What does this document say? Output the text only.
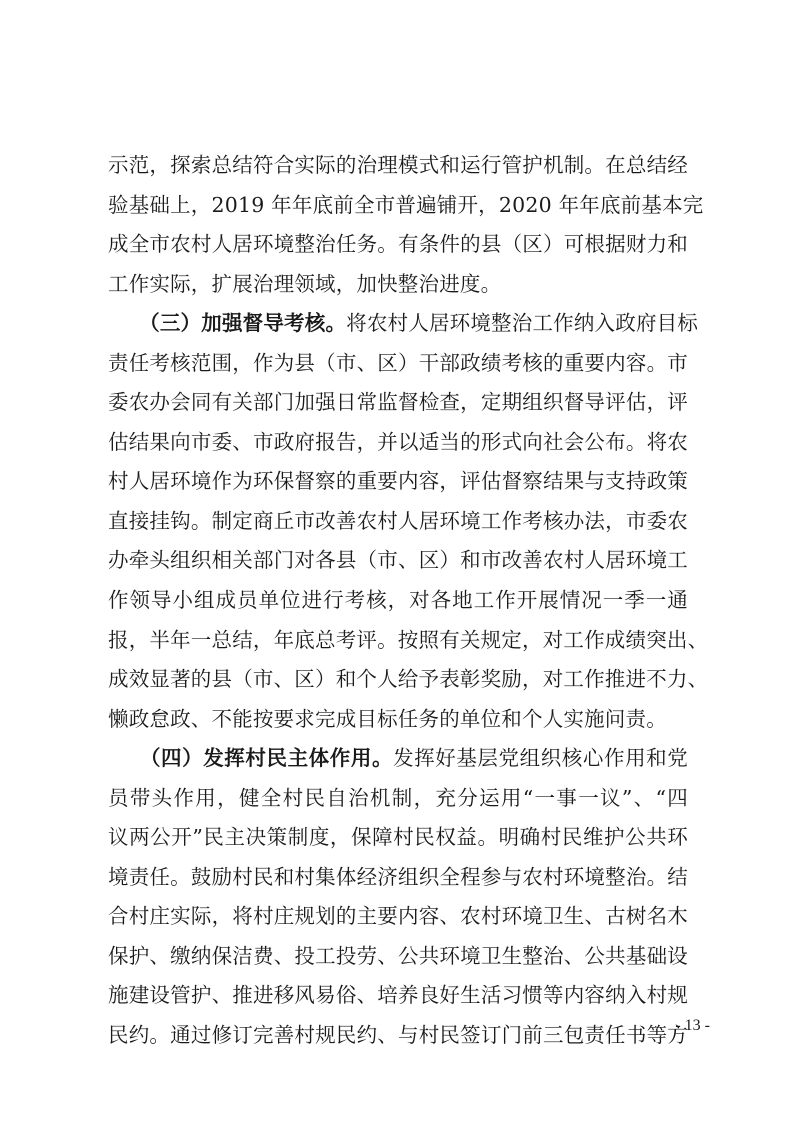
示范，探索总结符合实际的治理模式和运行管护机制。在总结经
验基础上，2019 年年底前全市普遍铺开，2020 年年底前基本完
成全市农村人居环境整治任务。有条件的县（区）可根据财力和
工作实际，扩展治理领域，加快整治进度。
　　（三）加强督导考核。将农村人居环境整治工作纳入政府目标
责任考核范围，作为县（市、区）干部政绩考核的重要内容。市
委农办会同有关部门加强日常监督检查，定期组织督导评估，评
估结果向市委、市政府报告，并以适当的形式向社会公布。将农
村人居环境作为环保督察的重要内容，评估督察结果与支持政策
直接挂钩。制定商丘市改善农村人居环境工作考核办法，市委农
办牵头组织相关部门对各县（市、区）和市改善农村人居环境工
作领导小组成员单位进行考核，对各地工作开展情况一季一通
报，半年一总结，年底总考评。按照有关规定，对工作成绩突出、
成效显著的县（市、区）和个人给予表彰奖励，对工作推进不力、
懒政怠政、不能按要求完成目标任务的单位和个人实施问责。
　　（四）发挥村民主体作用。发挥好基层党组织核心作用和党
员带头作用，健全村民自治机制，充分运用“一事一议”、“四
议两公开”民主决策制度，保障村民权益。明确村民维护公共环
境责任。鼓励村民和村集体经济组织全程参与农村环境整治。结
合村庄实际，将村庄规划的主要内容、农村环境卫生、古树名木
保护、缴纳保洁费、投工投劳、公共环境卫生整治、公共基础设
施建设管护、推进移风易俗、培养良好生活习惯等内容纳入村规
民约。通过修订完善村规民约、与村民签订门前三包责任书等方
- 13 -
